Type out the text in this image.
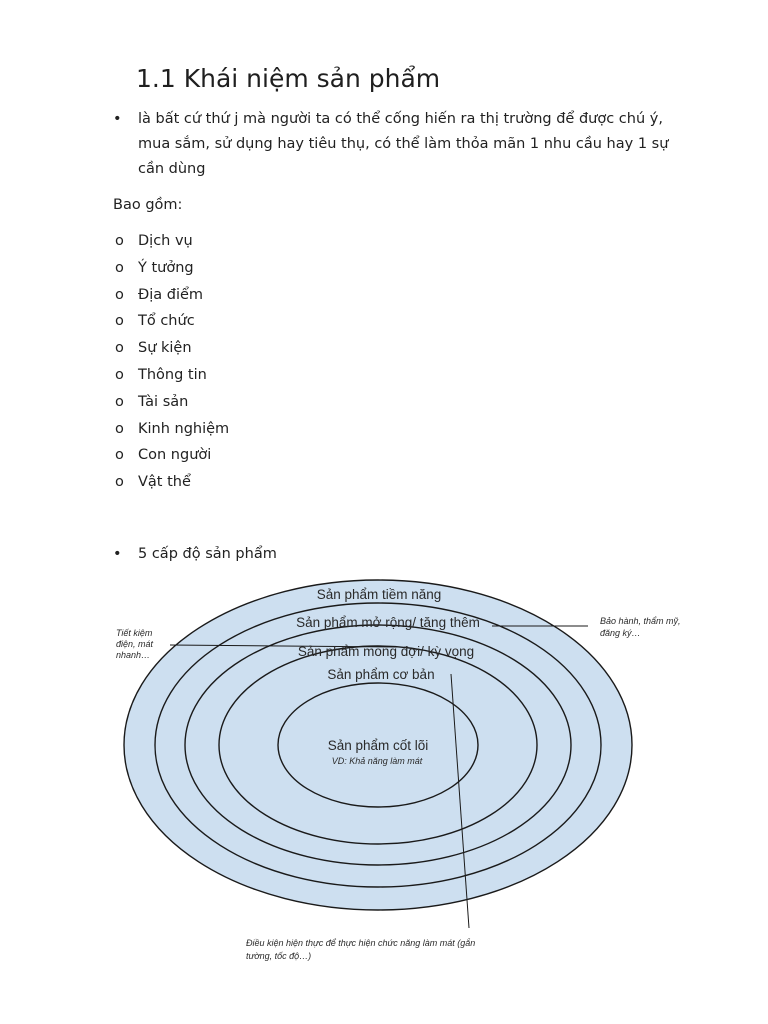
1.1 Khái niệm sản phẩm
•	là bất cứ thứ j mà người ta có thể cống hiến ra thị trường để được chú ý,
mua sắm, sử dụng hay tiêu thụ, có thể làm thỏa mãn 1 nhu cầu hay 1 sự
cần dùng
Bao gồm:
o Dịch vụ
o Ý tưởng
o Địa điểm
o Tổ chức
o Sự kiện
o Thông tin
o Tài sản
o Kinh nghiệm
o Con người
o Vật thể
•	5 cấp độ sản phẩm
Sản phẩm tiềm năng
Sản phẩm mở rộng/ tăng thêm
Sản phẩm mong đợi/ kỳ vọng
Sản phẩm cơ bản
Sản phẩm cốt lõi
VD: Khả năng làm mát
Tiết kiệm
điện, mát
nhanh…
Bảo hành, thẩm mỹ,
đăng ký…
Điều kiện hiện thực để thực hiện chức năng làm mát (gắn
tường, tốc độ…)
